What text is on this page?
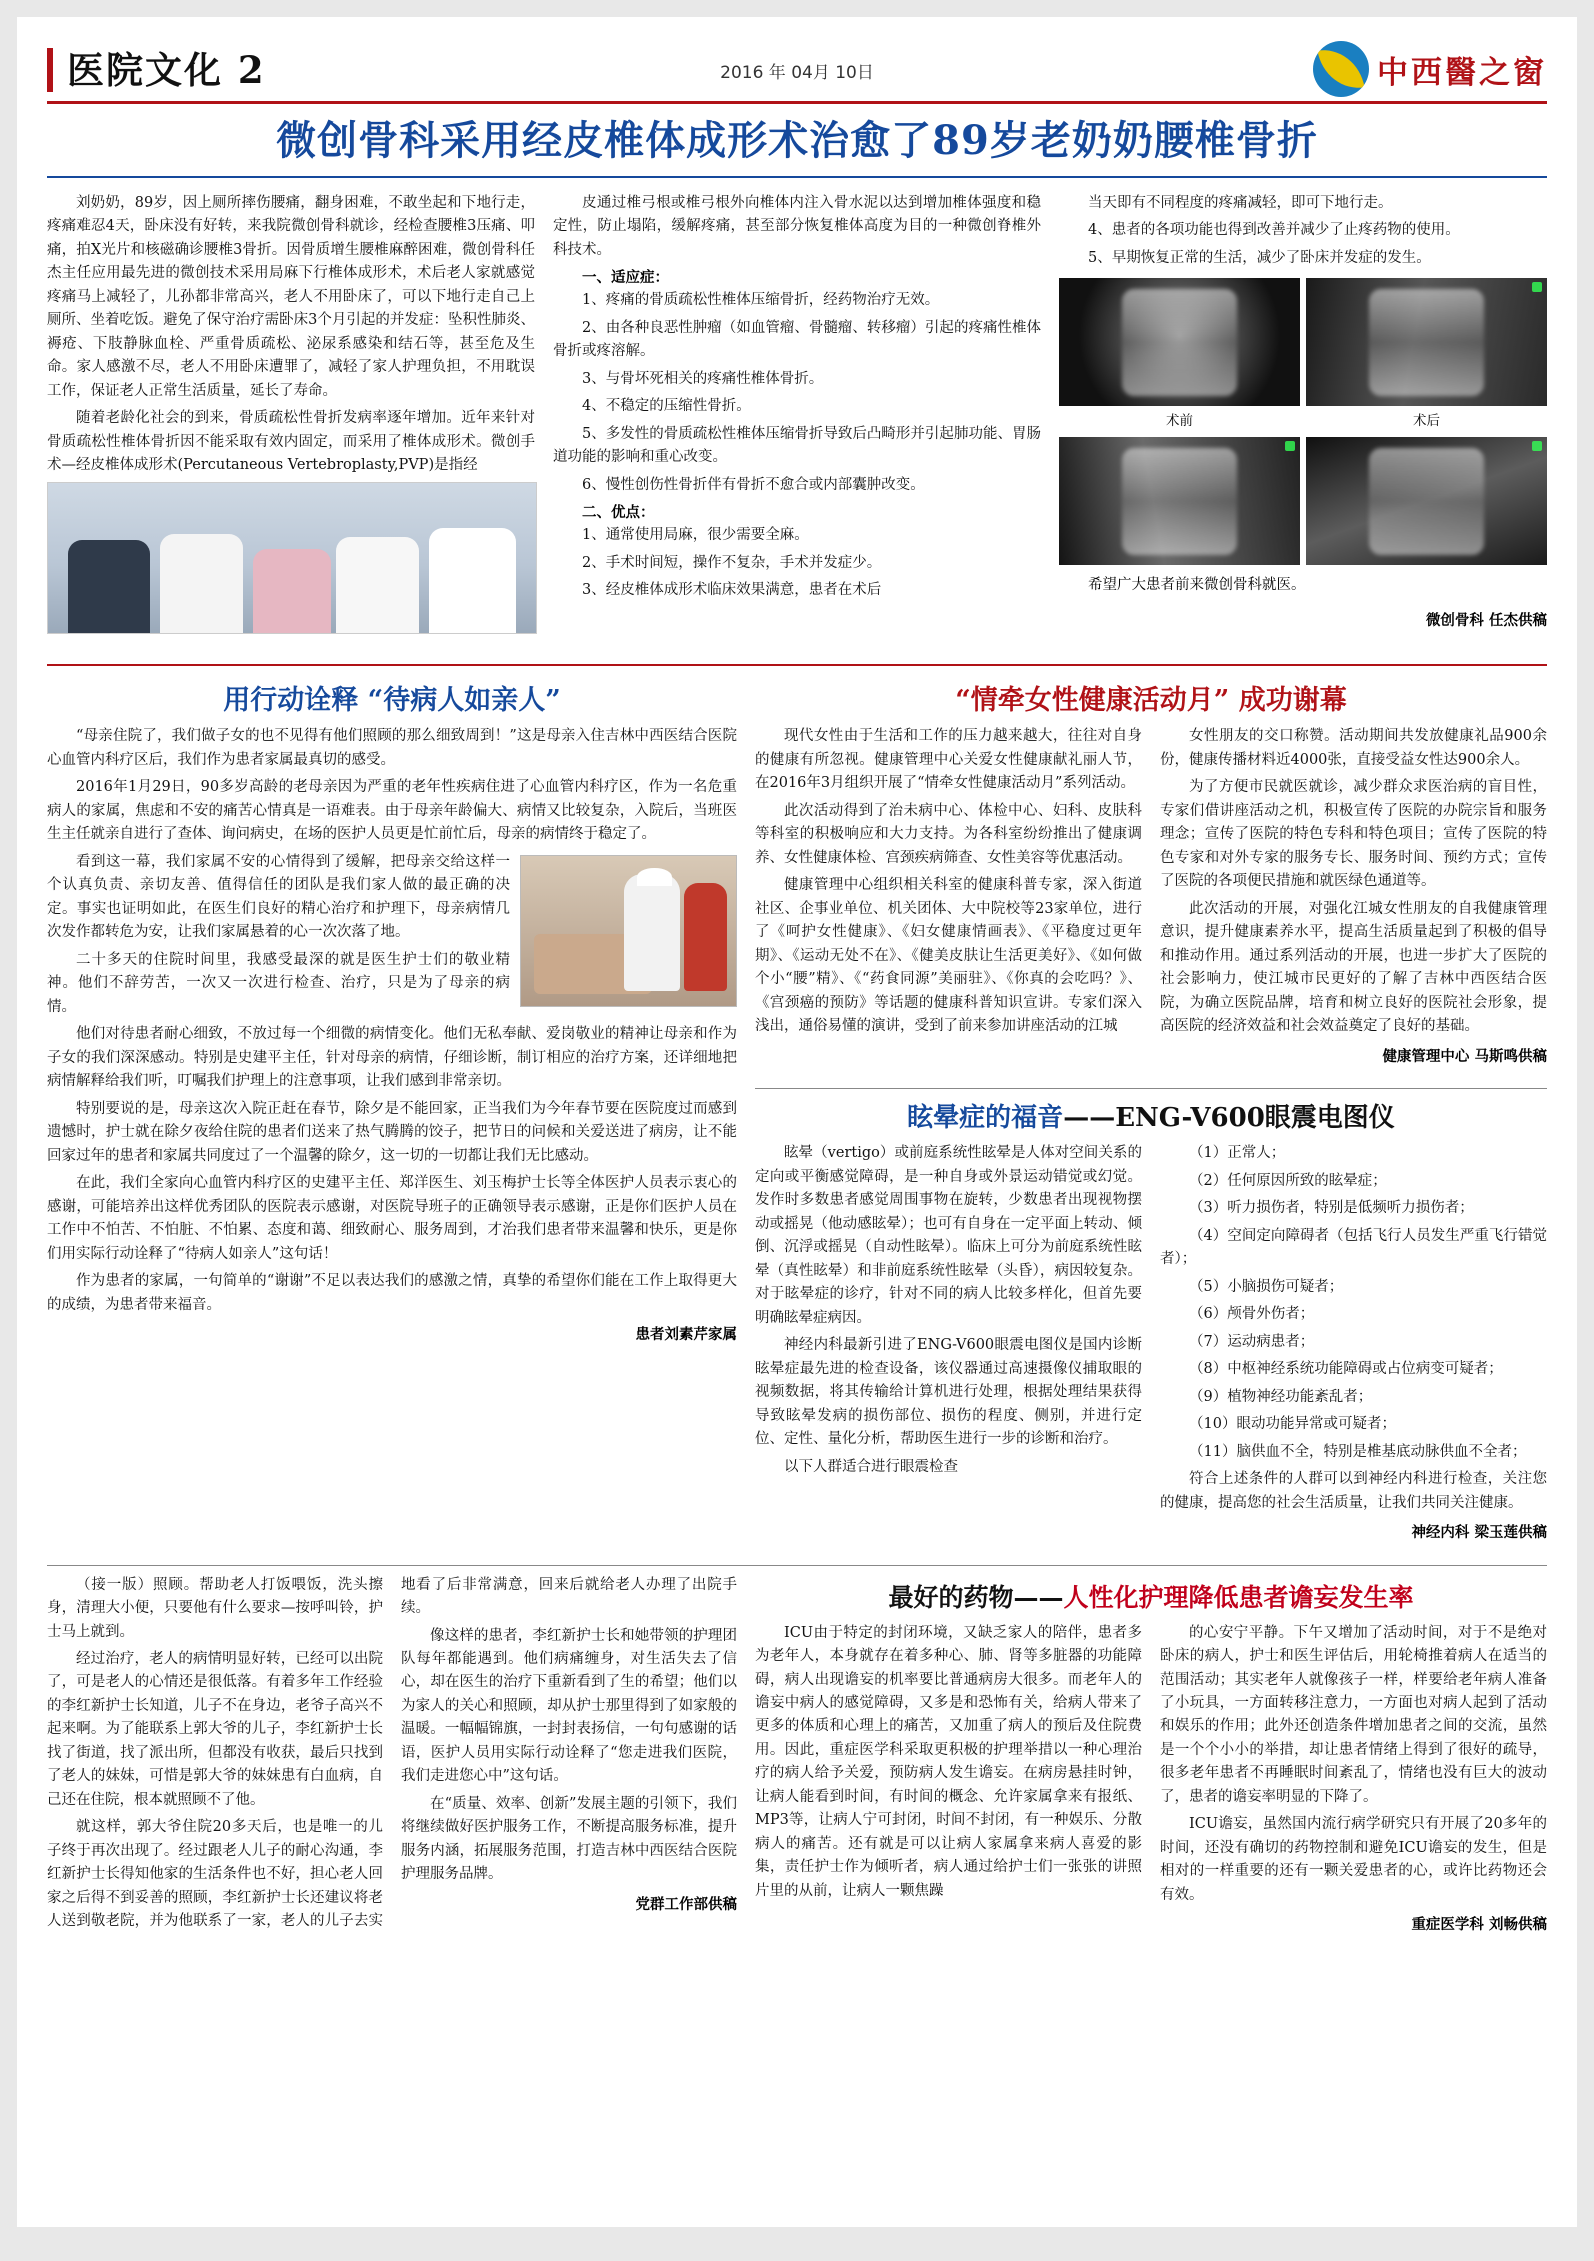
医院文化 2	2016 年 04月 10日	中西醫之窗
微创骨科采用经皮椎体成形术治愈了89岁老奶奶腰椎骨折

刘奶奶，89岁，因上厕所摔伤腰痛，翻身困难，不敢坐起和下地行走，疼痛难忍4天，卧床没有好转，来我院微创骨科就诊，经检查腰椎3压痛、叩痛，拍X光片和核磁确诊腰椎3骨折。因骨质增生腰椎麻醉困难，微创骨科任杰主任应用最先进的微创技术采用局麻下行椎体成形术，术后老人家就感觉疼痛马上减轻了，儿孙都非常高兴，老人不用卧床了，可以下地行走自己上厕所、坐着吃饭。避免了保守治疗需卧床3个月引起的并发症：坠积性肺炎、褥疮、下肢静脉血栓、严重骨质疏松、泌尿系感染和结石等，甚至危及生命。家人感激不尽，老人不用卧床遭罪了，减轻了家人护理负担，不用耽误工作，保证老人正常生活质量，延长了寿命。

随着老龄化社会的到来，骨质疏松性骨折发病率逐年增加。近年来针对骨质疏松性椎体骨折因不能采取有效内固定，而采用了椎体成形术。微创手术—经皮椎体成形术(Percutaneous Vertebroplasty,PVP)是指经

皮通过椎弓根或椎弓根外向椎体内注入骨水泥以达到增加椎体强度和稳定性，防止塌陷，缓解疼痛，甚至部分恢复椎体高度为目的一种微创脊椎外科技术。

一、适应症：

1、疼痛的骨质疏松性椎体压缩骨折，经药物治疗无效。

2、由各种良恶性肿瘤（如血管瘤、骨髓瘤、转移瘤）引起的疼痛性椎体骨折或疼溶解。

3、与骨坏死相关的疼痛性椎体骨折。

4、不稳定的压缩性骨折。

5、多发性的骨质疏松性椎体压缩骨折导致后凸畸形并引起肺功能、胃肠道功能的影响和重心改变。

6、慢性创伤性骨折伴有骨折不愈合或内部囊肿改变。

二、优点：

1、通常使用局麻，很少需要全麻。

2、手术时间短，操作不复杂，手术并发症少。

3、经皮椎体成形术临床效果满意，患者在术后

当天即有不同程度的疼痛减轻，即可下地行走。

4、患者的各项功能也得到改善并减少了止疼药物的使用。

5、早期恢复正常的生活，减少了卧床并发症的发生。

术前	术后

希望广大患者前来微创骨科就医。

微创骨科 任杰供稿

用行动诠释 “待病人如亲人”

“母亲住院了，我们做子女的也不见得有他们照顾的那么细致周到！”这是母亲入住吉林中西医结合医院心血管内科疗区后，我们作为患者家属最真切的感受。

2016年1月29日，90多岁高龄的老母亲因为严重的老年性疾病住进了心血管内科疗区，作为一名危重病人的家属，焦虑和不安的痛苦心情真是一语难表。由于母亲年龄偏大、病情又比较复杂，入院后，当班医生主任就亲自进行了查体、询问病史，在场的医护人员更是忙前忙后，母亲的病情终于稳定了。

看到这一幕，我们家属不安的心情得到了缓解，把母亲交给这样一个认真负责、亲切友善、值得信任的团队是我们家人做的最正确的决定。事实也证明如此，在医生们良好的精心治疗和护理下，母亲病情几次发作都转危为安，让我们家属悬着的心一次次落了地。

二十多天的住院时间里，我感受最深的就是医生护士们的敬业精神。他们不辞劳苦，一次又一次进行检查、治疗，只是为了母亲的病情。

他们对待患者耐心细致，不放过每一个细微的病情变化。他们无私奉献、爱岗敬业的精神让母亲和作为子女的我们深深感动。特别是史建平主任，针对母亲的病情，仔细诊断，制订相应的治疗方案，还详细地把病情解释给我们听，叮嘱我们护理上的注意事项，让我们感到非常亲切。

特别要说的是，母亲这次入院正赶在春节，除夕是不能回家，正当我们为今年春节要在医院度过而感到遗憾时，护士就在除夕夜给住院的患者们送来了热气腾腾的饺子，把节日的问候和关爱送进了病房，让不能回家过年的患者和家属共同度过了一个温馨的除夕，这一切的一切都让我们无比感动。

在此，我们全家向心血管内科疗区的史建平主任、郑洋医生、刘玉梅护士长等全体医护人员表示衷心的感谢，可能培养出这样优秀团队的医院表示感谢，对医院导班子的正确领导表示感谢，正是你们医护人员在工作中不怕苦、不怕脏、不怕累、态度和蔼、细致耐心、服务周到，才治我们患者带来温馨和快乐，更是你们用实际行动诠释了“待病人如亲人”这句话！

作为患者的家属，一句简单的“谢谢”不足以表达我们的感激之情，真挚的希望你们能在工作上取得更大的成绩，为患者带来福音。

患者刘素芹家属

“情牵女性健康活动月” 成功谢幕

现代女性由于生活和工作的压力越来越大，往往对自身的健康有所忽视。健康管理中心关爱女性健康献礼丽人节，在2016年3月组织开展了“情牵女性健康活动月”系列活动。

此次活动得到了治未病中心、体检中心、妇科、皮肤科等科室的积极响应和大力支持。为各科室纷纷推出了健康调养、女性健康体检、宫颈疾病筛查、女性美容等优惠活动。

健康管理中心组织相关科室的健康科普专家，深入街道社区、企事业单位、机关团体、大中院校等23家单位，进行了《呵护女性健康》、《妇女健康情画表》、《平稳度过更年期》、《运动无处不在》、《健美皮肤让生活更美好》、《如何做个小“腰”精》、《“药食同源”美丽驻》、《你真的会吃吗？》、《宫颈癌的预防》等话题的健康科普知识宣讲。专家们深入浅出，通俗易懂的演讲，受到了前来参加讲座活动的江城

女性朋友的交口称赞。活动期间共发放健康礼品900余份，健康传播材料近4000张，直接受益女性达900余人。

为了方便市民就医就诊，减少群众求医治病的盲目性，专家们借讲座活动之机，积极宣传了医院的办院宗旨和服务理念；宣传了医院的特色专科和特色项目；宣传了医院的特色专家和对外专家的服务专长、服务时间、预约方式；宣传了医院的各项便民措施和就医绿色通道等。

此次活动的开展，对强化江城女性朋友的自我健康管理意识，提升健康素养水平，提高生活质量起到了积极的倡导和推动作用。通过系列活动的开展，也进一步扩大了医院的社会影响力，使江城市民更好的了解了吉林中西医结合医院，为确立医院品牌，培育和树立良好的医院社会形象，提高医院的经济效益和社会效益奠定了良好的基础。

健康管理中心 马斯鸣供稿

眩晕症的福音——ENG-V600眼震电图仪

眩晕（vertigo）或前庭系统性眩晕是人体对空间关系的定向或平衡感觉障碍，是一种自身或外景运动错觉或幻觉。发作时多数患者感觉周围事物在旋转，少数患者出现视物摆动或摇晃（他动感眩晕）；也可有自身在一定平面上转动、倾倒、沉浮或摇晃（自动性眩晕）。临床上可分为前庭系统性眩晕（真性眩晕）和非前庭系统性眩晕（头昏），病因较复杂。对于眩晕症的诊疗，针对不同的病人比较多样化，但首先要明确眩晕症病因。

神经内科最新引进了ENG-V600眼震电图仪是国内诊断眩晕症最先进的检查设备，该仪器通过高速摄像仪捕取眼的视频数据，将其传输给计算机进行处理，根据处理结果获得导致眩晕发病的损伤部位、损伤的程度、侧别，并进行定位、定性、量化分析，帮助医生进行一步的诊断和治疗。

以下人群适合进行眼震检查

（1）正常人；

（2）任何原因所致的眩晕症；

（3）听力损伤者，特别是低频听力损伤者；

（4）空间定向障碍者（包括飞行人员发生严重飞行错觉者）；

（5）小脑损伤可疑者；

（6）颅骨外伤者；

（7）运动病患者；

（8）中枢神经系统功能障碍或占位病变可疑者；

（9）植物神经功能紊乱者；

（10）眼动功能异常或可疑者；

（11）脑供血不全，特别是椎基底动脉供血不全者；

符合上述条件的人群可以到神经内科进行检查，关注您的健康，提高您的社会生活质量，让我们共同关注健康。

神经内科 梁玉莲供稿

（接一版）照顾。帮助老人打饭喂饭，洗头擦身，清理大小便，只要他有什么要求—按呼叫铃，护士马上就到。

经过治疗，老人的病情明显好转，已经可以出院了，可是老人的心情还是很低落。有着多年工作经验的李红新护士长知道，儿子不在身边，老爷子高兴不起来啊。为了能联系上郭大爷的儿子，李红新护士长找了街道，找了派出所，但都没有收获，最后只找到了老人的妹妹，可惜是郭大爷的妹妹患有白血病，自己还在住院，根本就照顾不了他。

就这样，郭大爷住院20多天后，也是唯一的儿子终于再次出现了。经过跟老人儿子的耐心沟通，李红新护士长得知他家的生活条件也不好，担心老人回家之后得不到妥善的照顾，李红新护士长还建议将老人送到敬老院，并为他联系了一家，老人的儿子去实地看了后非常满意，回来后就给老人办理了出院手续。

像这样的患者，李红新护士长和她带领的护理团队每年都能遇到。他们病痛缠身，对生活失去了信心，却在医生的治疗下重新看到了生的希望；他们以为家人的关心和照顾，却从护士那里得到了如家般的温暖。一幅幅锦旗，一封封表扬信，一句句感谢的话语，医护人员用实际行动诠释了“您走进我们医院，我们走进您心中”这句话。

在“质量、效率、创新”发展主题的引领下，我们将继续做好医护服务工作，不断提高服务标准，提升服务内涵，拓展服务范围，打造吉林中西医结合医院护理服务品牌。

党群工作部供稿

最好的药物——人性化护理降低患者谵妄发生率

ICU由于特定的封闭环境，又缺乏家人的陪伴，患者多为老年人，本身就存在着多种心、肺、肾等多脏器的功能障碍，病人出现谵妄的机率要比普通病房大很多。而老年人的谵妄中病人的感觉障碍，又多是和恐怖有关，给病人带来了更多的体质和心理上的痛苦，又加重了病人的预后及住院费用。因此，重症医学科采取更积极的护理举措以一种心理治疗的病人给予关爱，预防病人发生谵妄。在病房悬挂时钟，让病人能看到时间，有时间的概念、允许家属拿来有报纸、MP3等，让病人宁可封闭，时间不封闭，有一种娱乐、分散病人的痛苦。还有就是可以让病人家属拿来病人喜爱的影集，责任护士作为倾听者，病人通过给护士们一张张的讲照片里的从前，让病人一颗焦躁

的心安宁平静。下午又增加了活动时间，对于不是绝对卧床的病人，护士和医生评估后，用轮椅推着病人在适当的范围活动；其实老年人就像孩子一样，样要给老年病人准备了小玩具，一方面转移注意力，一方面也对病人起到了活动和娱乐的作用；此外还创造条件增加患者之间的交流，虽然是一个个小小的举措，却让患者情绪上得到了很好的疏导，很多老年患者不再睡眠时间紊乱了，情绪也没有巨大的波动了，患者的谵妄率明显的下降了。

ICU谵妄，虽然国内流行病学研究只有开展了20多年的时间，还没有确切的药物控制和避免ICU谵妄的发生，但是相对的一样重要的还有一颗关爱患者的心，或许比药物还会有效。

重症医学科 刘畅供稿
